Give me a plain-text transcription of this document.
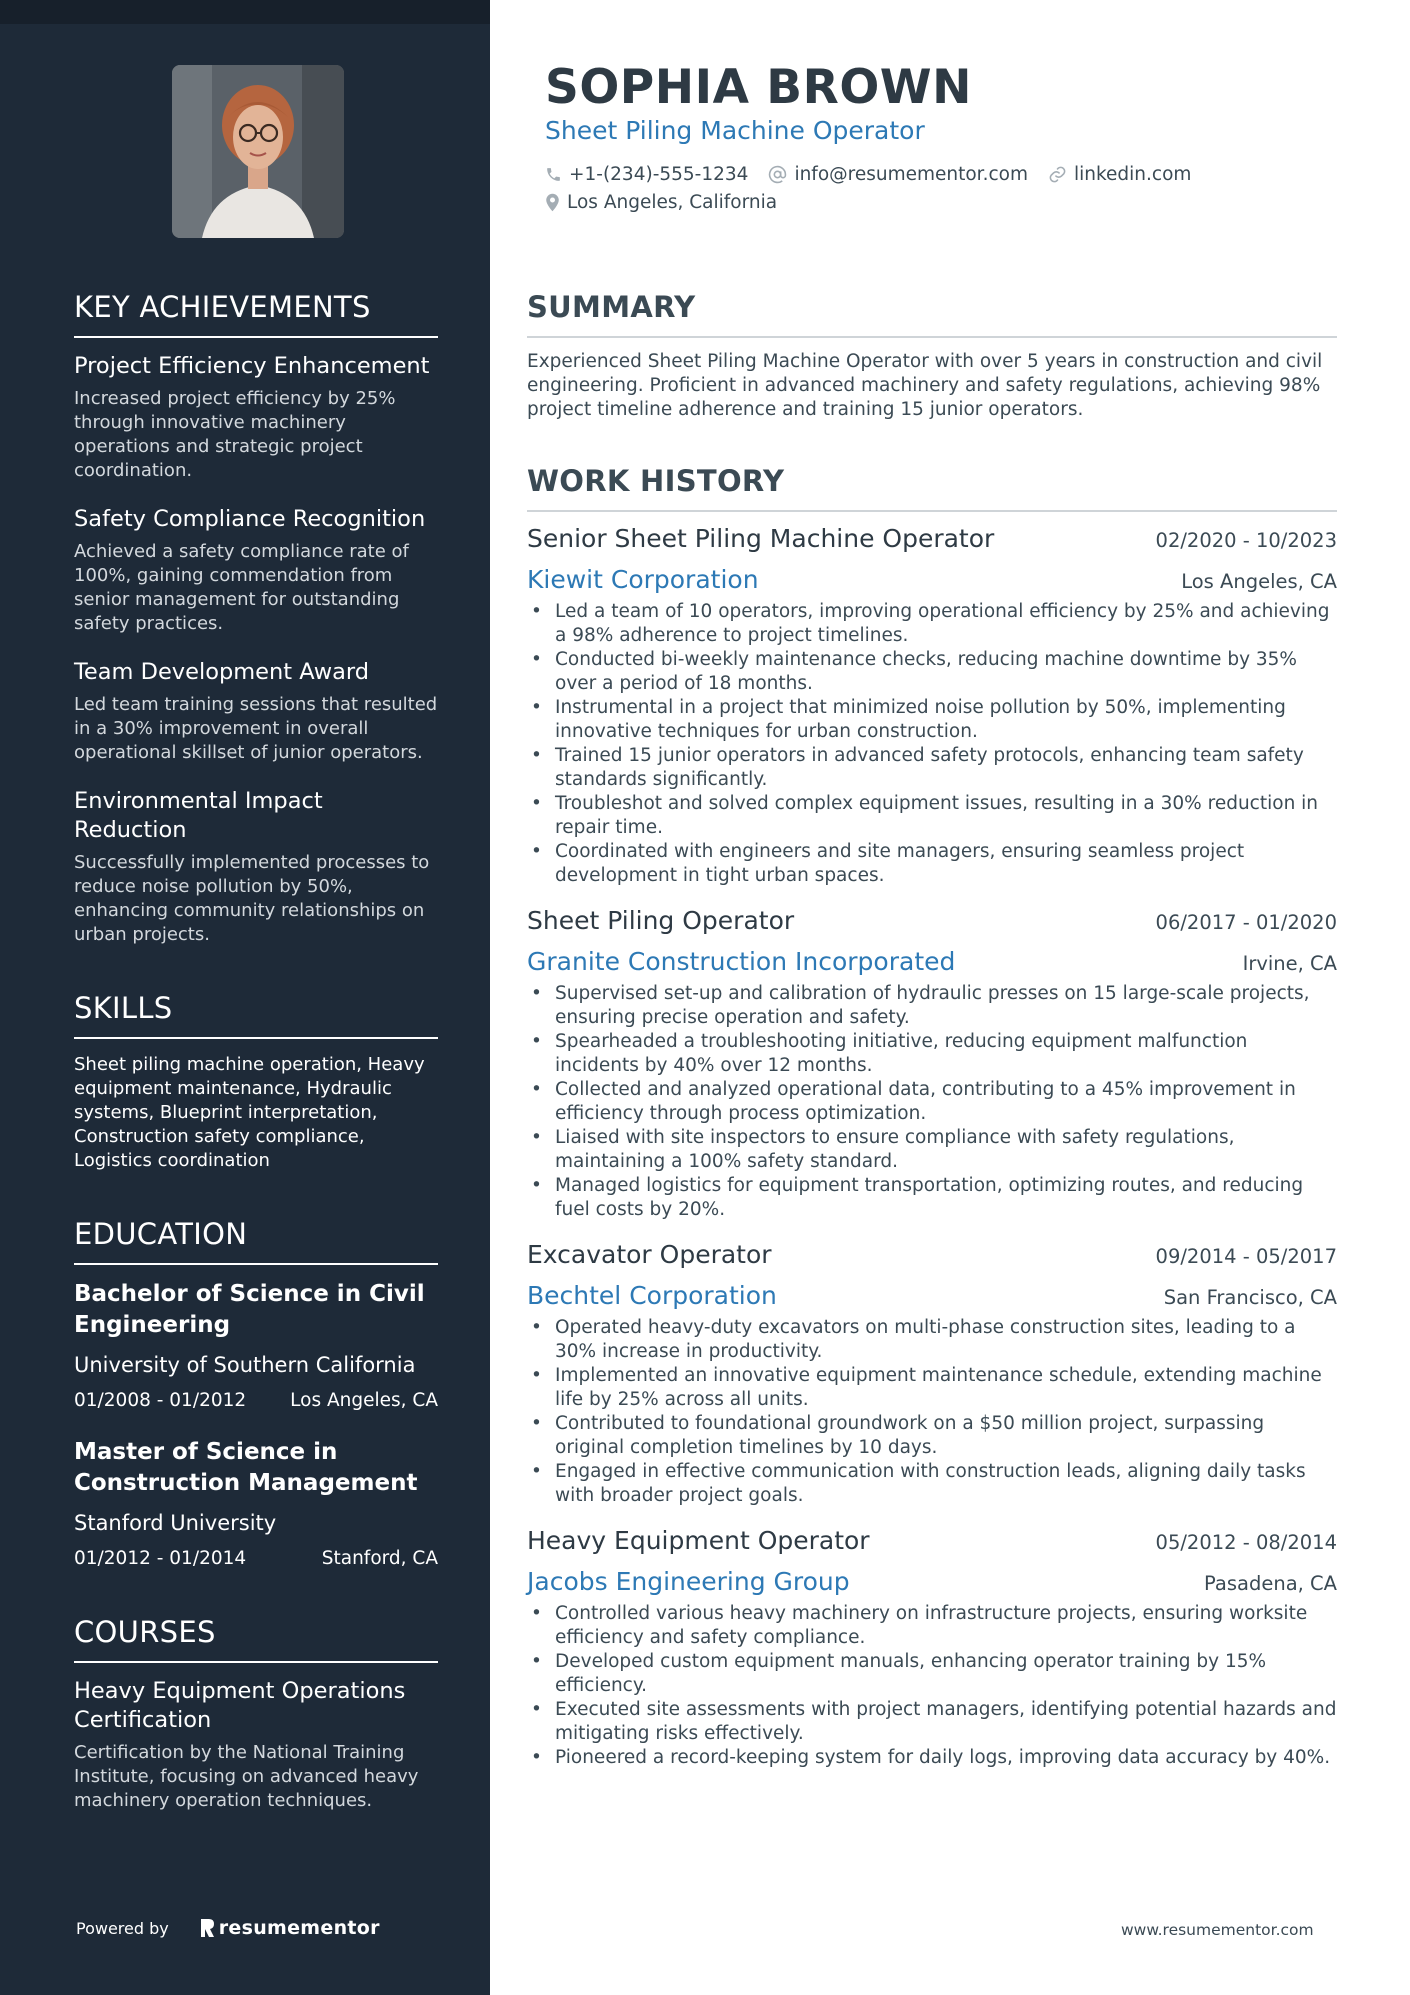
KEY ACHIEVEMENTS
Project Efficiency Enhancement
Increased project efficiency by 25% through innovative machinery operations and strategic project coordination.
Safety Compliance Recognition
Achieved a safety compliance rate of 100%, gaining commendation from senior management for outstanding safety practices.
Team Development Award
Led team training sessions that resulted in a 30% improvement in overall operational skillset of junior operators.
Environmental Impact Reduction
Successfully implemented processes to reduce noise pollution by 50%, enhancing community relationships on urban projects.
SKILLS
Sheet piling machine operation, Heavy equipment maintenance, Hydraulic systems, Blueprint interpretation, Construction safety compliance, Logistics coordination
EDUCATION
Bachelor of Science in Civil Engineering
University of Southern California
01/2008 - 01/2012 Los Angeles, CA
Master of Science in Construction Management
Stanford University
01/2012 - 01/2014	Stanford, CA
COURSES
Heavy Equipment Operations Certification
Certification by the National Training Institute, focusing on advanced heavy machinery operation techniques.
Powered by	resumementor
SOPHIA BROWN
Sheet Piling Machine Operator
+1-(234)-555-1234 info@resumementor.com linkedin.com
Los Angeles, California
SUMMARY

Experienced Sheet Piling Machine Operator with over 5 years in construction and civil engineering. Proficient in advanced machinery and safety regulations, achieving 98% project timeline adherence and training 15 junior operators.

WORK HISTORY
Senior Sheet Piling Machine Operator	02/2020 - 10/2023
Kiewit Corporation	Los Angeles, CA
• Led a team of 10 operators, improving operational efficiency by 25% and achieving a 98% adherence to project timelines.
• Conducted bi-weekly maintenance checks, reducing machine downtime by 35% over a period of 18 months.
• Instrumental in a project that minimized noise pollution by 50%, implementing innovative techniques for urban construction.
• Trained 15 junior operators in advanced safety protocols, enhancing team safety standards significantly.
• Troubleshot and solved complex equipment issues, resulting in a 30% reduction in repair time.
• Coordinated with engineers and site managers, ensuring seamless project development in tight urban spaces.
Sheet Piling Operator	06/2017 - 01/2020
Granite Construction Incorporated	Irvine, CA
• Supervised set-up and calibration of hydraulic presses on 15 large-scale projects, ensuring precise operation and safety.
• Spearheaded a troubleshooting initiative, reducing equipment malfunction incidents by 40% over 12 months.
• Collected and analyzed operational data, contributing to a 45% improvement in efficiency through process optimization.
• Liaised with site inspectors to ensure compliance with safety regulations, maintaining a 100% safety standard.
• Managed logistics for equipment transportation, optimizing routes, and reducing fuel costs by 20%.
Excavator Operator	09/2014 - 05/2017
Bechtel Corporation	San Francisco, CA
• Operated heavy-duty excavators on multi-phase construction sites, leading to a 30% increase in productivity.
• Implemented an innovative equipment maintenance schedule, extending machine life by 25% across all units.
• Contributed to foundational groundwork on a $50 million project, surpassing original completion timelines by 10 days.
• Engaged in effective communication with construction leads, aligning daily tasks with broader project goals.
Heavy Equipment Operator	05/2012 - 08/2014
Jacobs Engineering Group	Pasadena, CA
• Controlled various heavy machinery on infrastructure projects, ensuring worksite efficiency and safety compliance.
• Developed custom equipment manuals, enhancing operator training by 15% efficiency.
• Executed site assessments with project managers, identifying potential hazards and mitigating risks effectively.
• Pioneered a record-keeping system for daily logs, improving data accuracy by 40%.
www.resumementor.com
